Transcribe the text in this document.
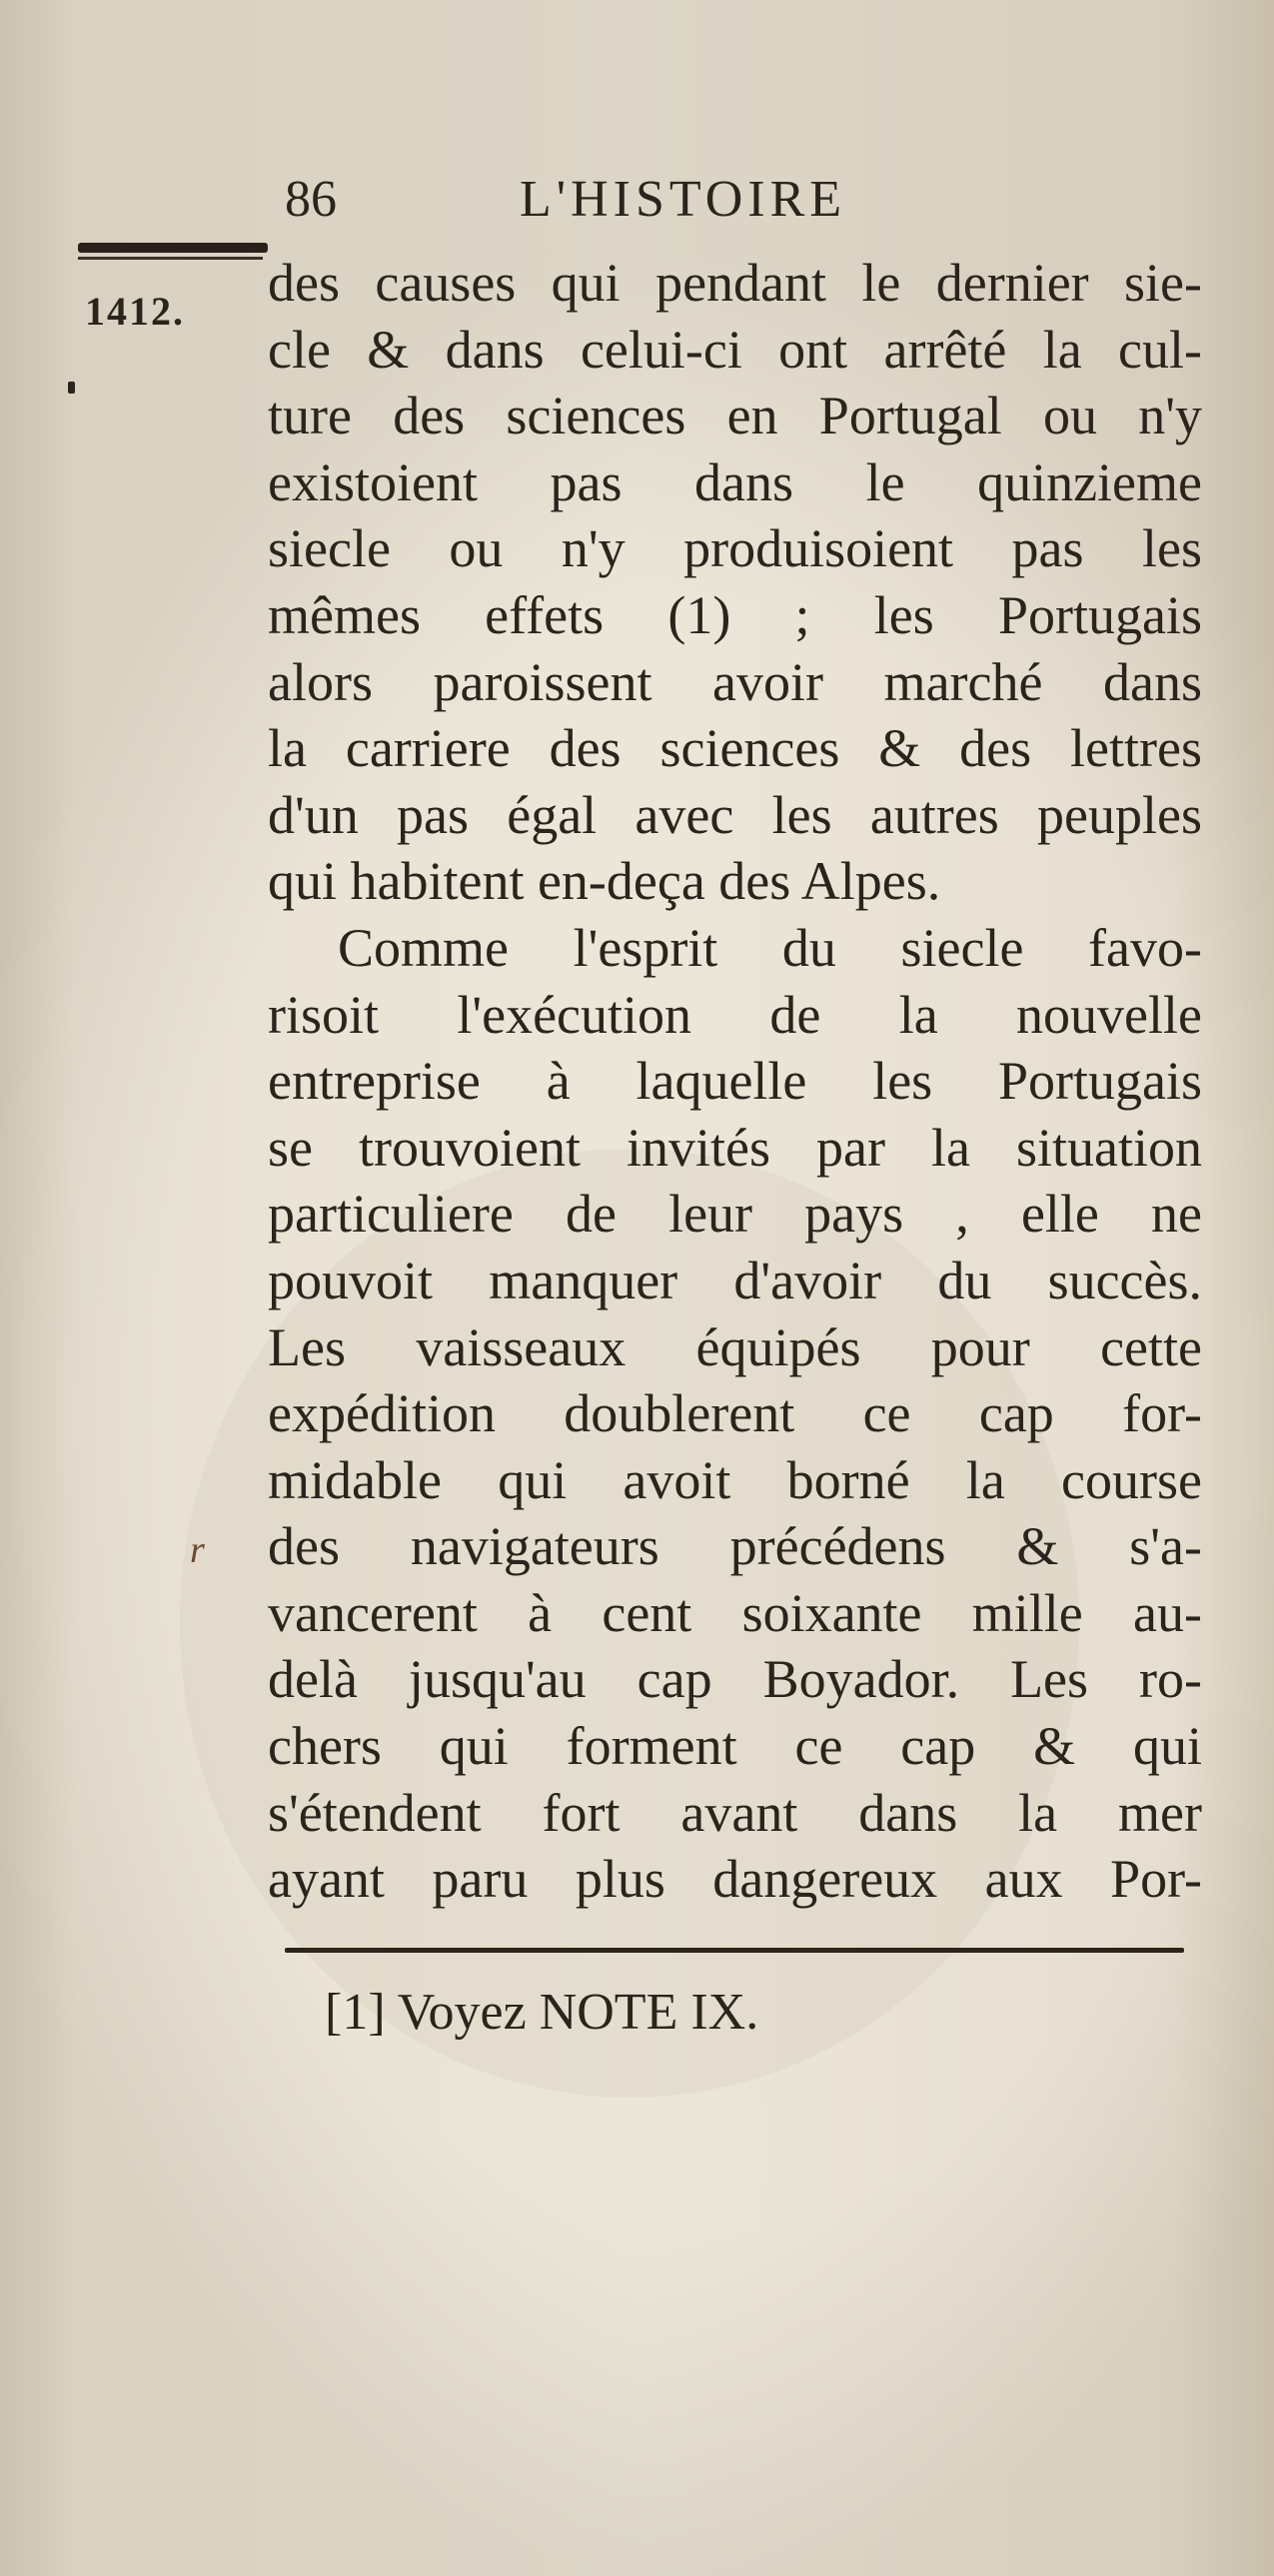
86	L'HISTOIRE
1412.
r
des causes qui pendant le dernier sie-
cle & dans celui-ci ont arrêté la cul-
ture des sciences en Portugal ou n'y
existoient pas dans le quinzieme
siecle ou n'y produisoient pas les
mêmes effets (1) ; les Portugais
alors paroissent avoir marché dans
la carriere des sciences & des lettres
d'un pas égal avec les autres peuples
qui habitent en-deça des Alpes.
Comme l'esprit du siecle favo-
risoit l'exécution de la nouvelle
entreprise à laquelle les Portugais
se trouvoient invités par la situation
particuliere de leur pays , elle ne
pouvoit manquer d'avoir du succès.
Les vaisseaux équipés pour cette
expédition doublerent ce cap for-
midable qui avoit borné la course
des navigateurs précédens & s'a-
vancerent à cent soixante mille au-
delà jusqu'au cap Boyador. Les ro-
chers qui forment ce cap & qui
s'étendent fort avant dans la mer
ayant paru plus dangereux aux Por-
[1] Voyez NOTE IX.
